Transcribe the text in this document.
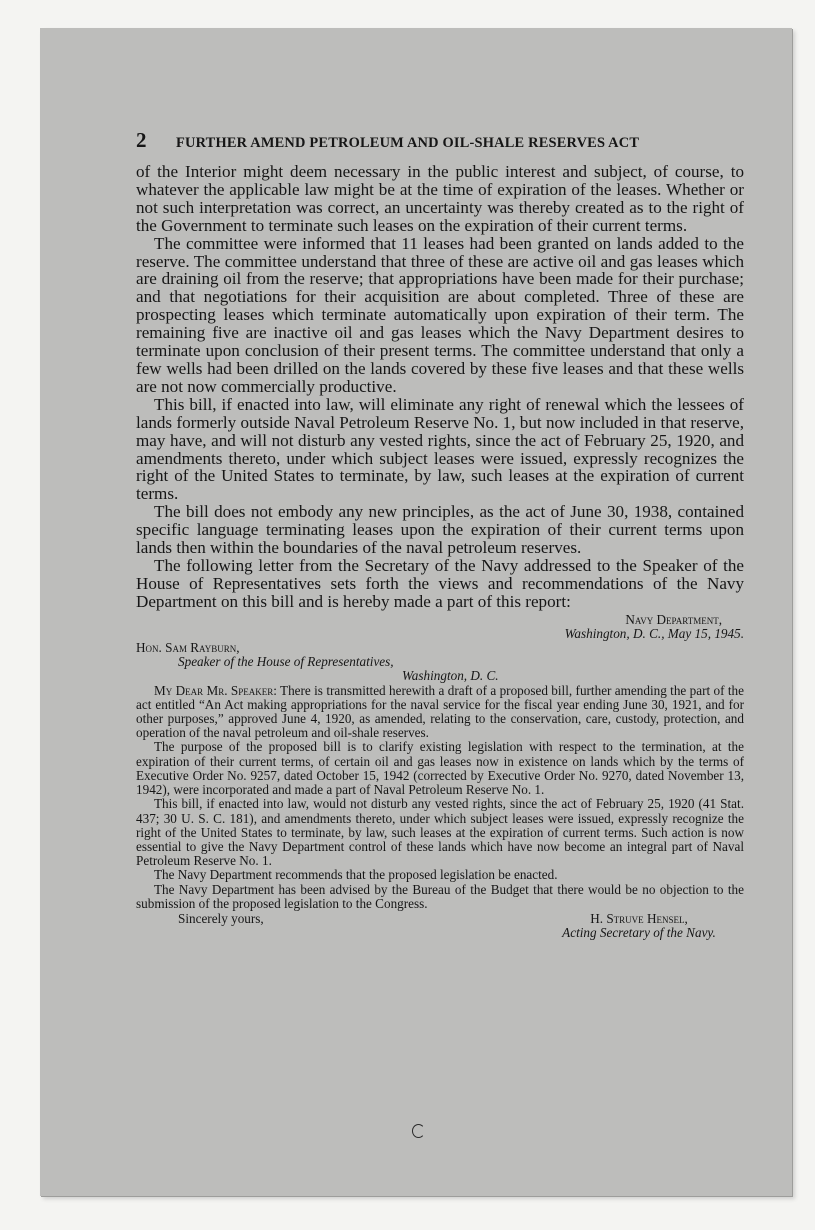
2	FURTHER AMEND PETROLEUM AND OIL-SHALE RESERVES ACT

of the Interior might deem necessary in the public interest and subject, of course, to whatever the applicable law might be at the time of expiration of the leases. Whether or not such interpretation was correct, an uncertainty was thereby created as to the right of the Government to terminate such leases on the expiration of their current terms.

The committee were informed that 11 leases had been granted on lands added to the reserve. The committee understand that three of these are active oil and gas leases which are draining oil from the reserve; that appropriations have been made for their purchase; and that negotiations for their acquisition are about completed. Three of these are prospecting leases which terminate automatically upon expiration of their term. The remaining five are inactive oil and gas leases which the Navy Department desires to terminate upon conclusion of their present terms. The committee understand that only a few wells had been drilled on the lands covered by these five leases and that these wells are not now commercially productive.

This bill, if enacted into law, will eliminate any right of renewal which the lessees of lands formerly outside Naval Petroleum Reserve No. 1, but now included in that reserve, may have, and will not disturb any vested rights, since the act of February 25, 1920, and amendments thereto, under which subject leases were issued, expressly recognizes the right of the United States to terminate, by law, such leases at the expiration of current terms.

The bill does not embody any new principles, as the act of June 30, 1938, contained specific language terminating leases upon the expiration of their current terms upon lands then within the boundaries of the naval petroleum reserves.

The following letter from the Secretary of the Navy addressed to the Speaker of the House of Representatives sets forth the views and recommendations of the Navy Department on this bill and is hereby made a part of this report:

Navy Department,
Washington, D. C., May 15, 1945.
Hon. Sam Rayburn,
Speaker of the House of Representatives,
Washington, D. C.

My Dear Mr. Speaker: There is transmitted herewith a draft of a proposed bill, further amending the part of the act entitled “An Act making appropriations for the naval service for the fiscal year ending June 30, 1921, and for other purposes,” approved June 4, 1920, as amended, relating to the conservation, care, custody, protection, and operation of the naval petroleum and oil-shale reserves.

The purpose of the proposed bill is to clarify existing legislation with respect to the termination, at the expiration of their current terms, of certain oil and gas leases now in existence on lands which by the terms of Executive Order No. 9257, dated October 15, 1942 (corrected by Executive Order No. 9270, dated November 13, 1942), were incorporated and made a part of Naval Petroleum Reserve No. 1.

This bill, if enacted into law, would not disturb any vested rights, since the act of February 25, 1920 (41 Stat. 437; 30 U. S. C. 181), and amendments thereto, under which subject leases were issued, expressly recognize the right of the United States to terminate, by law, such leases at the expiration of current terms. Such action is now essential to give the Navy Department control of these lands which have now become an integral part of Naval Petroleum Reserve No. 1.

The Navy Department recommends that the proposed legislation be enacted.

The Navy Department has been advised by the Bureau of the Budget that there would be no objection to the submission of the proposed legislation to the Congress.

Sincerely yours,	H. Struve Hensel,
Acting Secretary of the Navy.
